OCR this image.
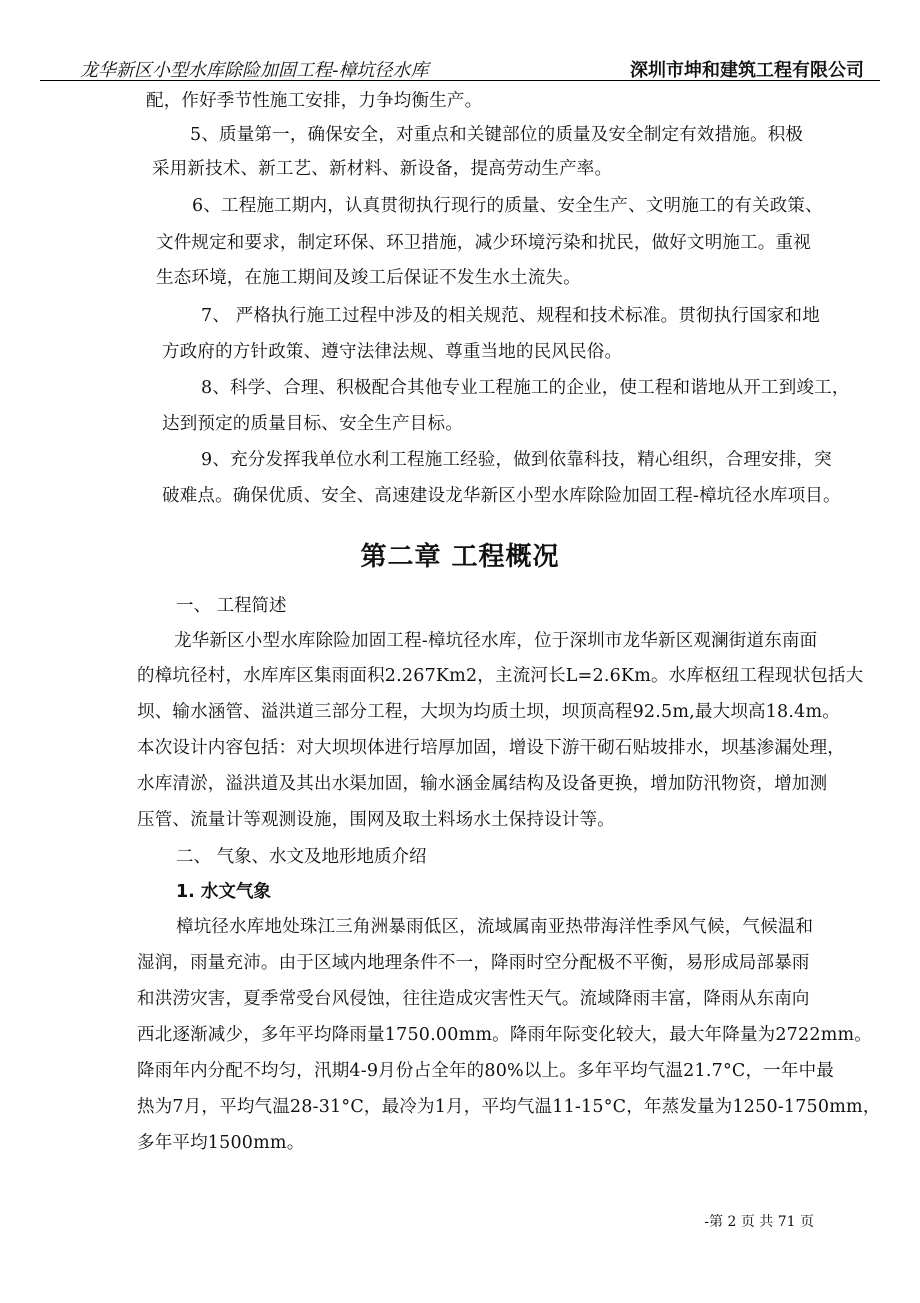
龙华新区小型水库除险加固工程-樟坑径水库	深圳市坤和建筑工程有限公司
配，作好季节性施工安排，力争均衡生产。
5、质量第一，确保安全，对重点和关键部位的质量及安全制定有效措施。积极
采用新技术、新工艺、新材料、新设备，提高劳动生产率。
6、工程施工期内，认真贯彻执行现行的质量、安全生产、文明施工的有关政策、
文件规定和要求，制定环保、环卫措施，减少环境污染和扰民，做好文明施工。重视
生态环境，在施工期间及竣工后保证不发生水土流失。
7、 严格执行施工过程中涉及的相关规范、规程和技术标准。贯彻执行国家和地
方政府的方针政策、遵守法律法规、尊重当地的民风民俗。
8、科学、合理、积极配合其他专业工程施工的企业，使工程和谐地从开工到竣工，
达到预定的质量目标、安全生产目标。
9、充分发挥我单位水利工程施工经验，做到依靠科技，精心组织，合理安排，突
破难点。确保优质、安全、高速建设龙华新区小型水库除险加固工程-樟坑径水库项目。
第二章 工程概况
一、 工程简述
龙华新区小型水库除险加固工程-樟坑径水库，位于深圳市龙华新区观澜街道东南面
的樟坑径村，水库库区集雨面积2.267Km2，主流河长L=2.6Km。水库枢纽工程现状包括大
坝、输水涵管、溢洪道三部分工程，大坝为均质土坝，坝顶高程92.5m,最大坝高18.4m。
本次设计内容包括：对大坝坝体进行培厚加固，增设下游干砌石贴坡排水，坝基渗漏处理，
水库清淤，溢洪道及其出水渠加固，输水涵金属结构及设备更换，增加防汛物资，增加测
压管、流量计等观测设施，围网及取土料场水土保持设计等。
二、 气象、水文及地形地质介绍
1. 水文气象
樟坑径水库地处珠江三角洲暴雨低区，流域属南亚热带海洋性季风气候，气候温和
湿润，雨量充沛。由于区域内地理条件不一，降雨时空分配极不平衡，易形成局部暴雨
和洪涝灾害，夏季常受台风侵蚀，往往造成灾害性天气。流域降雨丰富，降雨从东南向
西北逐渐减少，多年平均降雨量1750.00mm。降雨年际变化较大，最大年降量为2722mm。
降雨年内分配不均匀，汛期4-9月份占全年的80%以上。多年平均气温21.7°C，一年中最
热为7月，平均气温28-31°C，最冷为1月，平均气温11-15°C，年蒸发量为1250-1750mm，
多年平均1500mm。
-第 2 页 共 71 页
